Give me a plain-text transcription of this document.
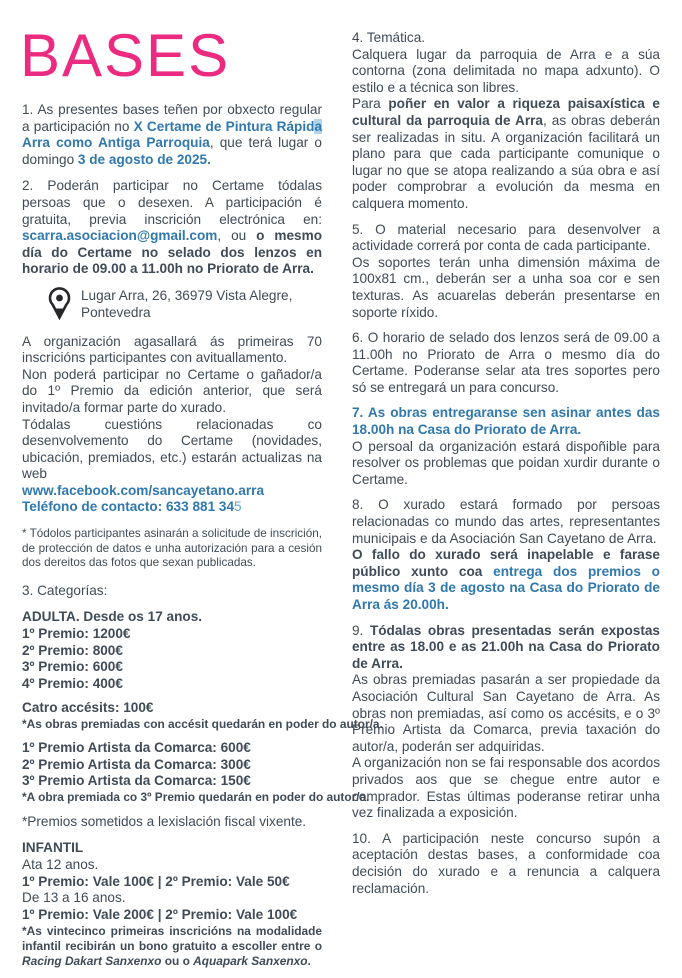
BASES

1. As presentes bases teñen por obxecto regular a participación no X Certame de Pintura Rápida Arra como Antiga Parroquia, que terá lugar o domingo 3 de agosto de 2025.

2. Poderán participar no Certame tódalas persoas que o desexen. A participación é gratuita, previa inscrición electrónica en: scarra.asociacion@gmail.com, ou o mesmo día do Certame no selado dos lenzos en horario de 09.00 a 11.00h no Priorato de Arra.

Lugar Arra, 26, 36979 Vista Alegre,
Pontevedra

A organización agasallará ás primeiras 70 inscricións participantes con avituallamento.

Non poderá participar no Certame o gañador/a do 1º Premio da edición anterior, que será invitado/a formar parte do xurado.

Tódalas cuestións relacionadas co desenvolvemento do Certame (novidades, ubicación, premiados, etc.) estarán actualizas na web

www.facebook.com/sancayetano.arra

Teléfono de contacto: 633 881 345

* Tódolos participantes asinarán a solicitude de inscrición, de protección de datos e unha autorización para a cesión dos dereitos das fotos que sexan publicadas.

3. Categorías:

ADULTA. Desde os 17 anos.

1º Premio: 1200€

2º Premio: 800€

3º Premio: 600€

4º Premio: 400€

Catro accésits: 100€

*As obras premiadas con accésit quedarán en poder do autor/a.

1º Premio Artista da Comarca: 600€

2º Premio Artista da Comarca: 300€

3º Premio Artista da Comarca: 150€

*A obra premiada co 3º Premio quedarán en poder do autor/a.

*Premios sometidos a lexislación fiscal vixente.

INFANTIL

Ata 12 anos.

1º Premio: Vale 100€ | 2º Premio: Vale 50€

De 13 a 16 anos.

1º Premio: Vale 200€ | 2º Premio: Vale 100€

*As vintecinco primeiras inscricións na modalidade infantil recibirán un bono gratuito a escoller entre o Racing Dakart Sanxenxo ou o Aquapark Sanxenxo.

4. Temática.

Calquera lugar da parroquia de Arra e a súa contorna (zona delimitada no mapa adxunto). O estilo e a técnica son libres.

Para poñer en valor a riqueza paisaxística e cultural da parroquia de Arra, as obras deberán ser realizadas in situ. A organización facilitará un plano para que cada participante comunique o lugar no que se atopa realizando a súa obra e así poder comprobrar a evolución da mesma en calquera momento.

5. O material necesario para desenvolver a actividade correrá por conta de cada participante.

Os soportes terán unha dimensión máxima de 100x81 cm., deberán ser a unha soa cor e sen texturas. As acuarelas deberán presentarse en soporte ríxido.

6. O horario de selado dos lenzos será de 09.00 a 11.00h no Priorato de Arra o mesmo día do Certame. Poderanse selar ata tres soportes pero só se entregará un para concurso.

7. As obras entregaranse sen asinar antes das 18.00h na Casa do Priorato de Arra.

O persoal da organización estará dispoñible para resolver os problemas que poidan xurdir durante o Certame.

8. O xurado estará formado por persoas relacionadas co mundo das artes, representantes municipais e da Asociación San Cayetano de Arra.

O fallo do xurado será inapelable e farase público xunto coa entrega dos premios o mesmo día 3 de agosto na Casa do Priorato de Arra ás 20.00h.

9. Tódalas obras presentadas serán expostas entre as 18.00 e as 21.00h na Casa do Priorato de Arra.

As obras premiadas pasarán a ser propiedade da Asociación Cultural San Cayetano de Arra. As obras non premiadas, así como os accésits, e o 3º Premio Artista da Comarca, previa taxación do autor/a, poderán ser adquiridas.

A organización non se fai responsable dos acordos privados aos que se chegue entre autor e comprador. Estas últimas poderanse retirar unha vez finalizada a exposición.

10. A participación neste concurso supón a aceptación destas bases, a conformidade coa decisión do xurado e a renuncia a calquera reclamación.
